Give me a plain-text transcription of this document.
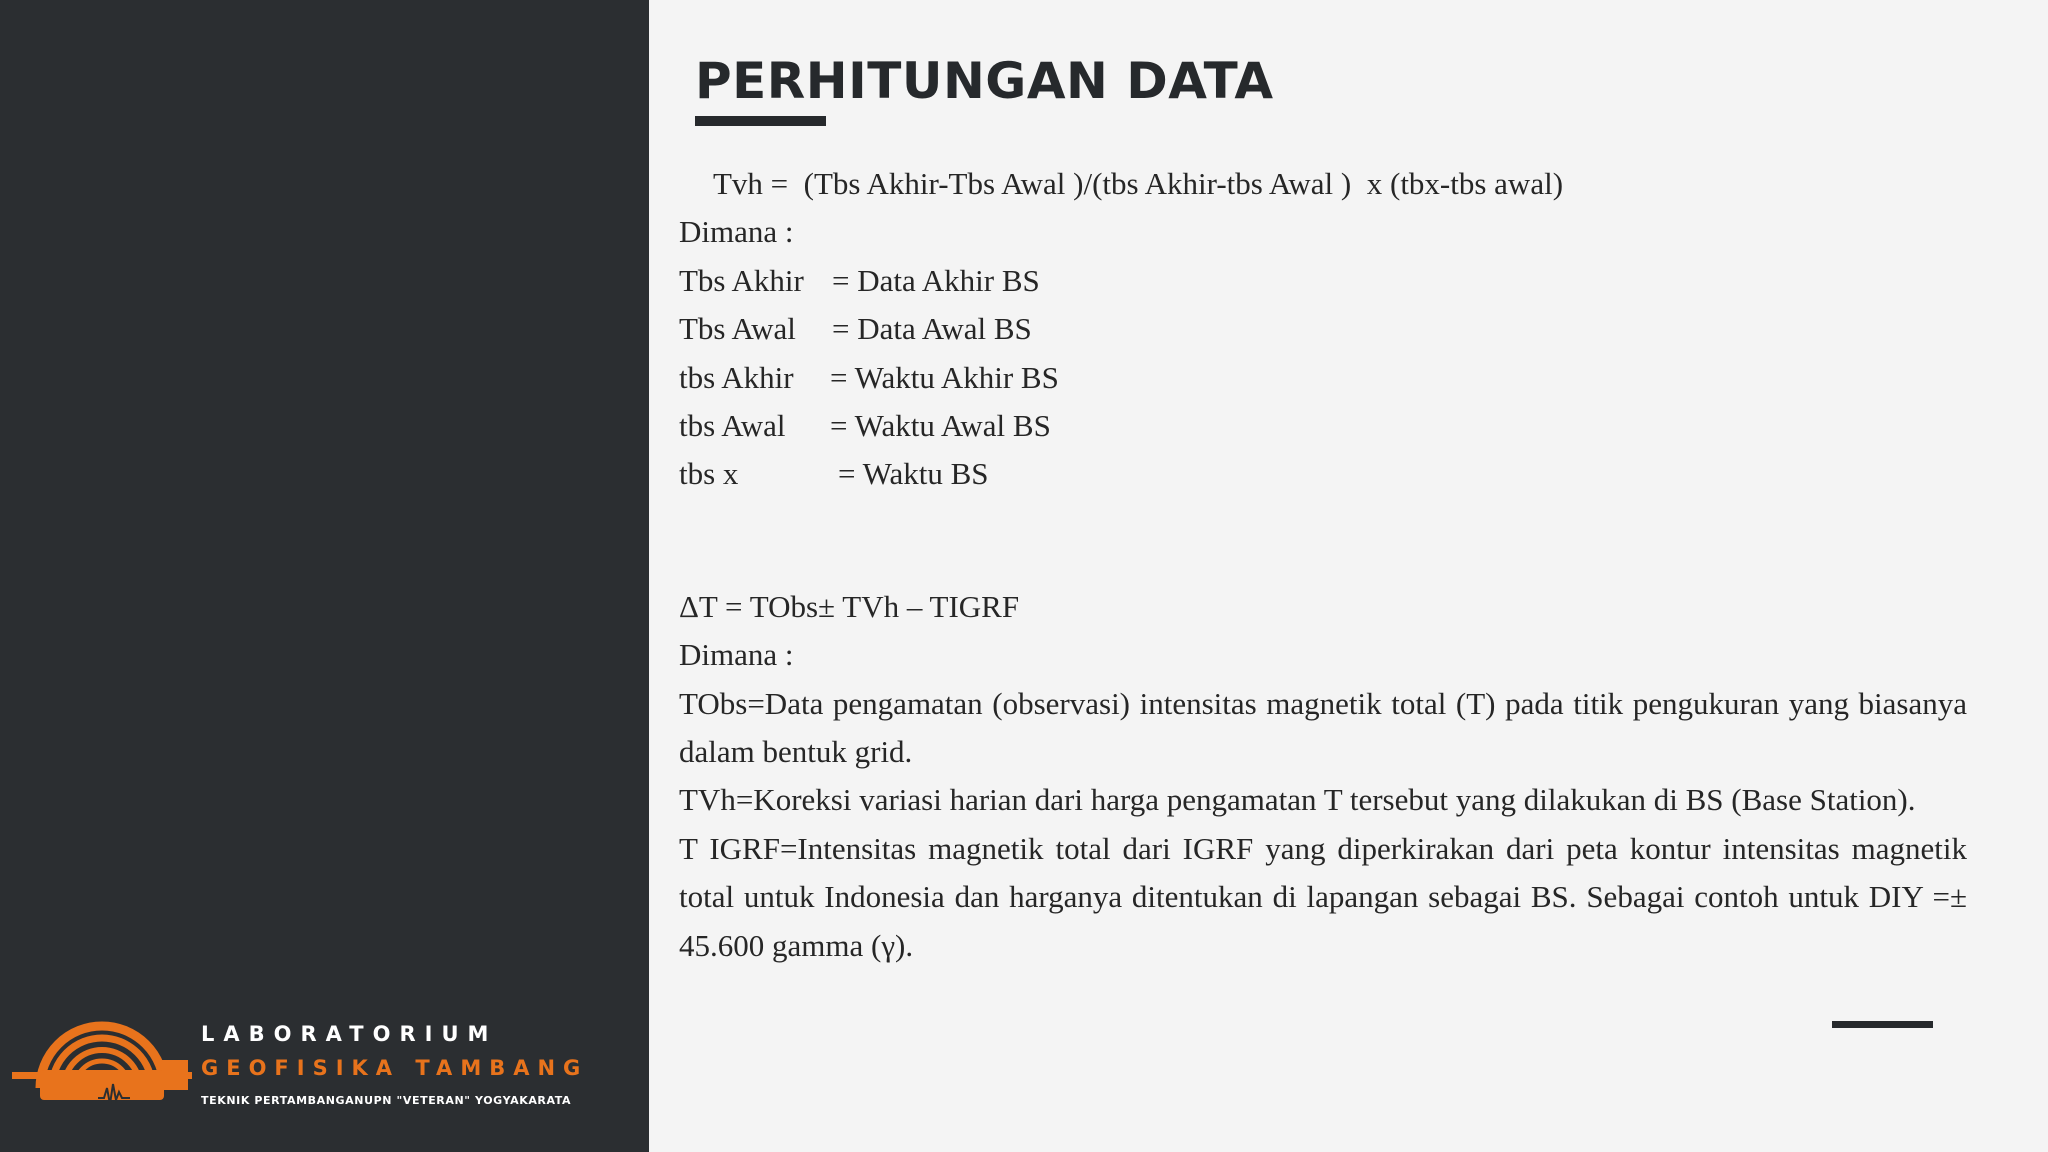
LABORATORIUM
GEOFISIKA TAMBANG
TEKNIK PERTAMBANGANUPN "VETERAN" YOGYAKARATA
PERHITUNGAN DATA
Tvh =  (Tbs Akhir-Tbs Awal )/(tbs Akhir-tbs Awal )  x (tbx-tbs awal)
Dimana :
Tbs Akhir = Data Akhir BS
Tbs Awal	= Data Awal BS
tbs Akhir	= Waktu Akhir BS
tbs Awal	= Waktu Awal BS
tbs x	= Waktu BS
ΔT = TObs± TVh – TIGRF
Dimana :
TObs=Data pengamatan (observasi) intensitas magnetik total (T) pada titik pengukuran yang biasanya dalam bentuk grid.
TVh=Koreksi variasi harian dari harga pengamatan T tersebut yang dilakukan di BS (Base Station).
T IGRF=Intensitas magnetik total dari IGRF yang diperkirakan dari peta kontur intensitas magnetik total untuk Indonesia dan harganya ditentukan di lapangan sebagai BS. Sebagai contoh untuk DIY =± 45.600 gamma (γ).
